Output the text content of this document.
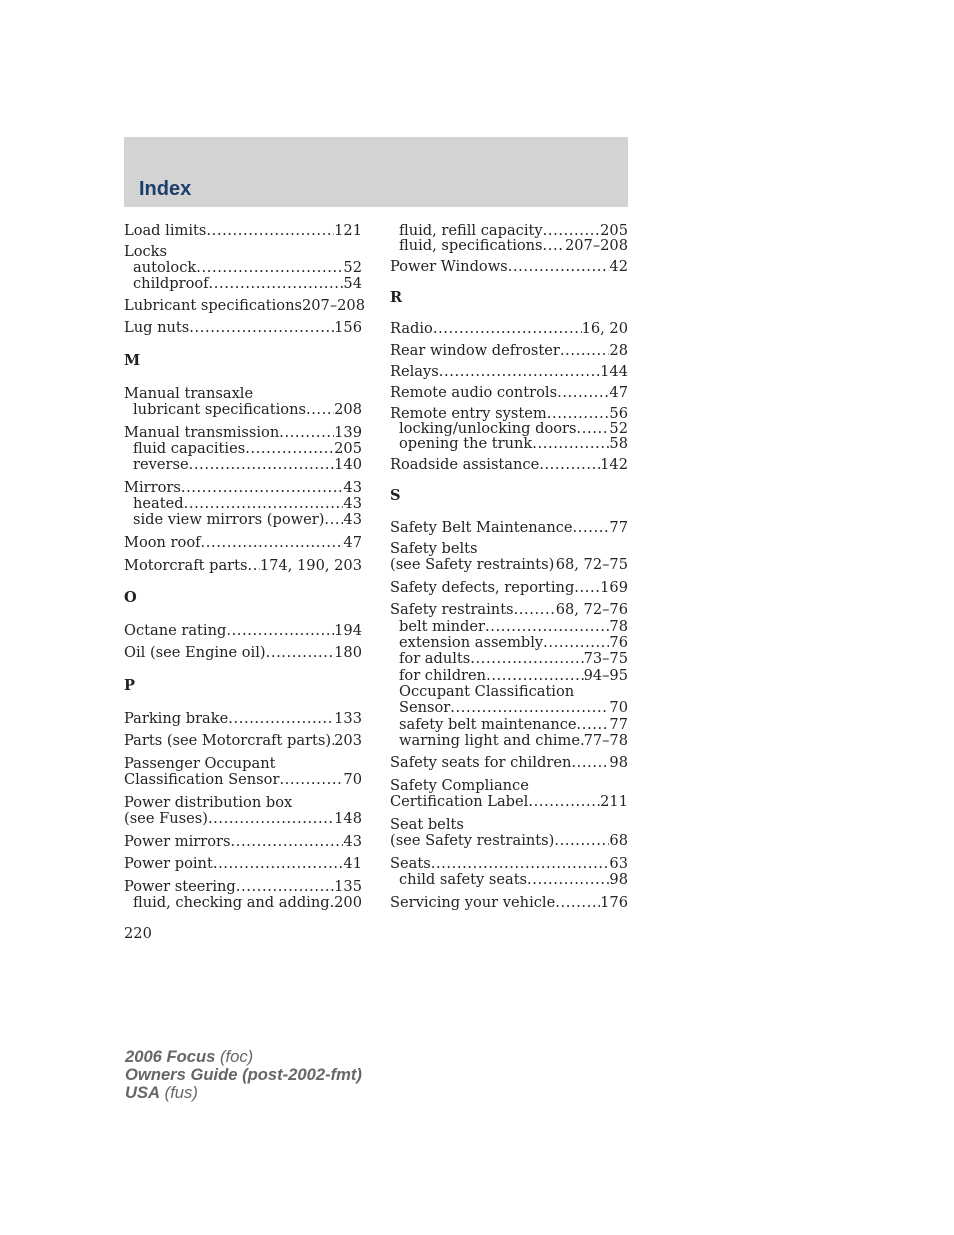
Index
Load limits .....	121
Locks
autolock .....	52
childproof .....	54
Lubricant specifications 207–208
Lug nuts .....	156
M
Manual transaxle
lubricant specifications ..... 208
Manual transmission .....	139
fluid capacities .....	205
reverse .....	140
Mirrors .....	43
heated .....	43
side view mirrors (power) ..... 43
Moon roof .....	47
Motorcraft parts ..... 174, 190, 203
O
Octane rating .....	194
Oil (see Engine oil) .....	180
P
Parking brake .....	133
Parts (see Motorcraft parts) ..... 203
Passenger Occupant
Classification Sensor .....	70
Power distribution box
(see Fuses) .....	148
Power mirrors .....	43
Power point .....	41
Power steering .....	135
fluid, checking and adding ..... 200
fluid, refill capacity .....	205
fluid, specifications ..... 207–208
Power Windows .....	42
R
Radio .....	16, 20
Rear window defroster .....	28
Relays .....	144
Remote audio controls .....	47
Remote entry system .....	56
locking/unlocking doors ..... 52
opening the trunk .....	58
Roadside assistance .....	142
S
Safety Belt Maintenance .....	77
Safety belts
(see Safety restraints) ..... 68, 72–75
Safety defects, reporting ..... 169
Safety restraints .....	68, 72–76
belt minder .....	78
extension assembly .....	76
for adults .....	73–75
for children .....	94–95
Occupant Classification
Sensor .....	70
safety belt maintenance ..... 77
warning light and chime ..... 77–78
Safety seats for children .....	98
Safety Compliance
Certification Label .....	211
Seat belts
(see Safety restraints) .....	68
Seats .....	63
child safety seats .....	98
Servicing your vehicle .....	176
220
2006 Focus (foc)
Owners Guide (post-2002-fmt)
USA (fus)
